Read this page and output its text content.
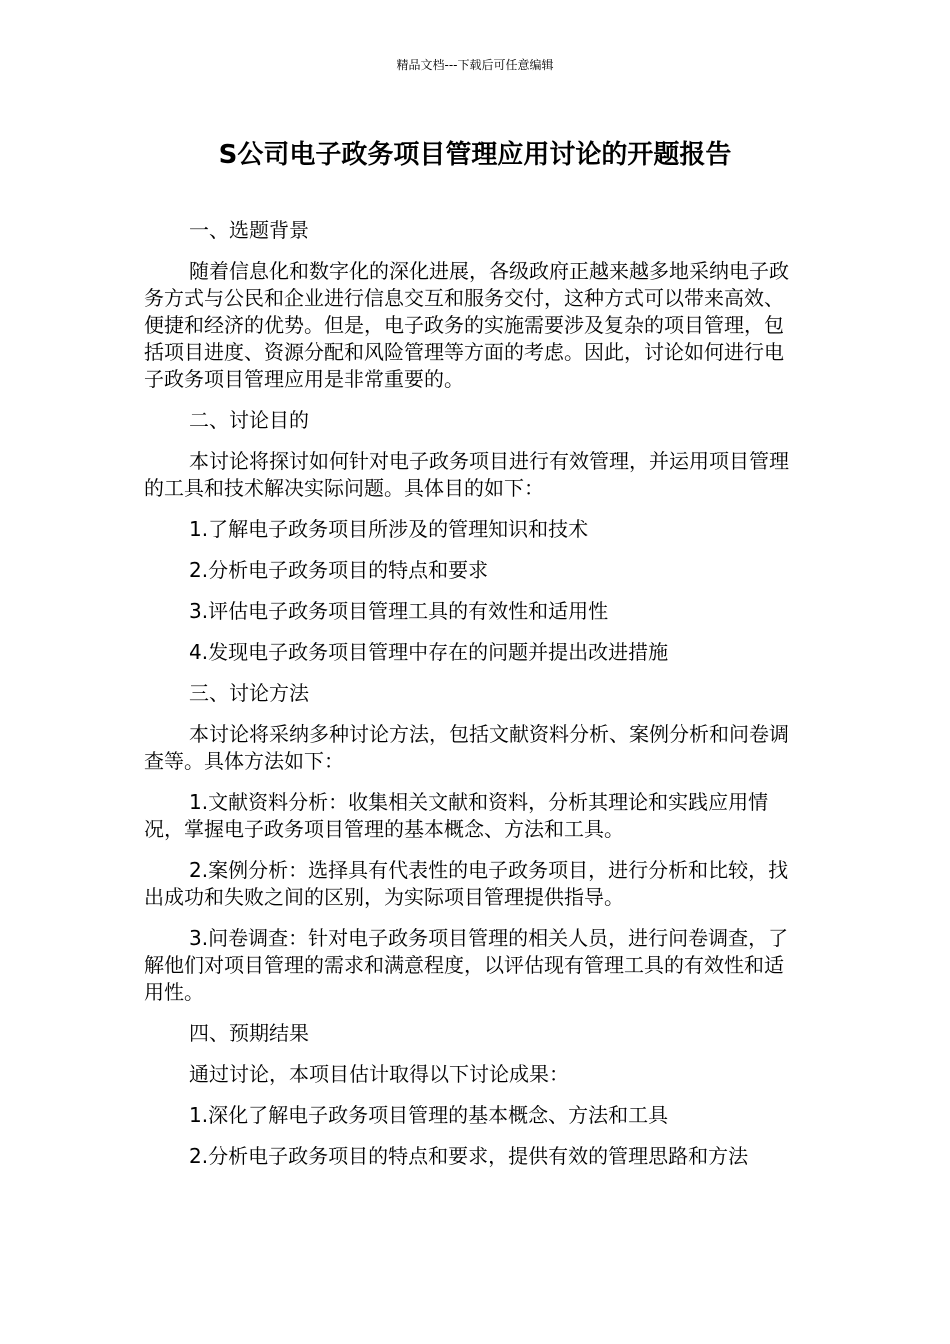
精品文档---下载后可任意编辑
S公司电子政务项目管理应用讨论的开题报告

一、选题背景

随着信息化和数字化的深化进展，各级政府正越来越多地采纳电子政务方式与公民和企业进行信息交互和服务交付，这种方式可以带来高效、便捷和经济的优势。但是，电子政务的实施需要涉及复杂的项目管理，包括项目进度、资源分配和风险管理等方面的考虑。因此，讨论如何进行电子政务项目管理应用是非常重要的。

二、讨论目的

本讨论将探讨如何针对电子政务项目进行有效管理，并运用项目管理的工具和技术解决实际问题。具体目的如下：

1.了解电子政务项目所涉及的管理知识和技术

2.分析电子政务项目的特点和要求

3.评估电子政务项目管理工具的有效性和适用性

4.发现电子政务项目管理中存在的问题并提出改进措施

三、讨论方法

本讨论将采纳多种讨论方法，包括文献资料分析、案例分析和问卷调查等。具体方法如下：

1.文献资料分析：收集相关文献和资料，分析其理论和实践应用情况，掌握电子政务项目管理的基本概念、方法和工具。

2.案例分析：选择具有代表性的电子政务项目，进行分析和比较，找出成功和失败之间的区别，为实际项目管理提供指导。

3.问卷调查：针对电子政务项目管理的相关人员，进行问卷调查，了解他们对项目管理的需求和满意程度，以评估现有管理工具的有效性和适用性。

四、预期结果

通过讨论，本项目估计取得以下讨论成果：

1.深化了解电子政务项目管理的基本概念、方法和工具

2.分析电子政务项目的特点和要求，提供有效的管理思路和方法
